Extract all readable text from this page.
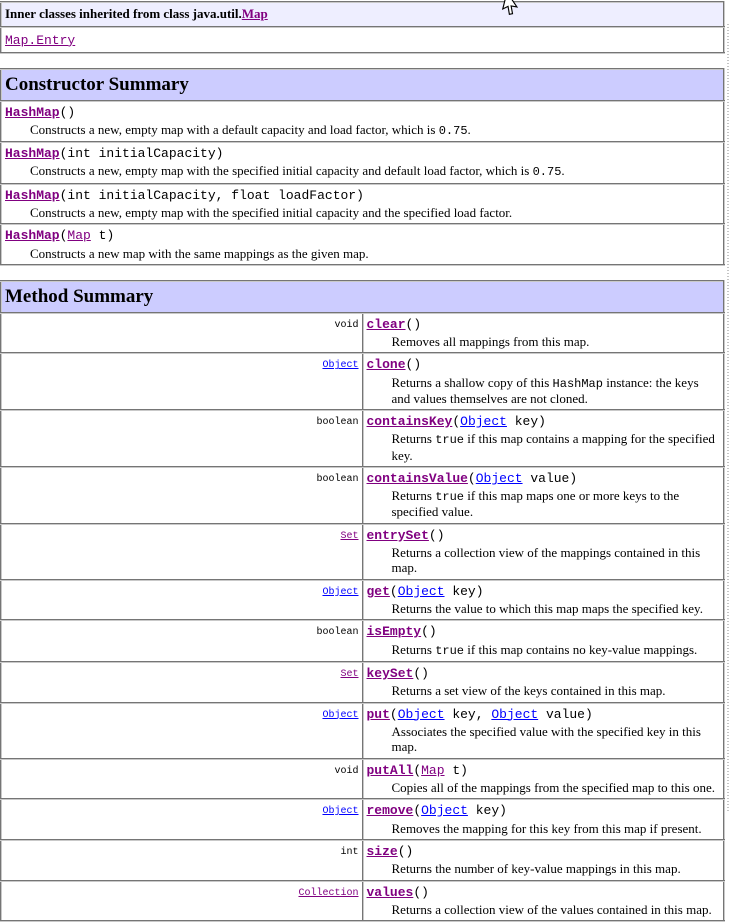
Inner classes inherited from class java.util.Map
Map.Entry
Constructor Summary

HashMap()
Constructs a new, empty map with a default capacity and load factor, which is 0.75.

HashMap(int initialCapacity)
Constructs a new, empty map with the specified initial capacity and default load factor, which is 0.75.

HashMap(int initialCapacity, float loadFactor)
Constructs a new, empty map with the specified initial capacity and the specified load factor.

HashMap(Map t)
Constructs a new map with the same mappings as the given map.
Method Summary	
void	clear()
Removes all mappings from this map.

Object	clone()
Returns a shallow copy of this HashMap instance: the keys and values themselves are not cloned.

boolean	containsKey(Object key)
Returns true if this map contains a mapping for the specified key.

boolean	containsValue(Object value)
Returns true if this map maps one or more keys to the specified value.

Set	entrySet()
Returns a collection view of the mappings contained in this map.

Object	get(Object key)
Returns the value to which this map maps the specified key.

boolean	isEmpty()
Returns true if this map contains no key-value mappings.

Set	keySet()
Returns a set view of the keys contained in this map.

Object	put(Object key, Object value)
Associates the specified value with the specified key in this map.

void	putAll(Map t)
Copies all of the mappings from the specified map to this one.

Object	remove(Object key)
Removes the mapping for this key from this map if present.

int	size()
Returns the number of key-value mappings in this map.

Collection	values()
Returns a collection view of the values contained in this map.
